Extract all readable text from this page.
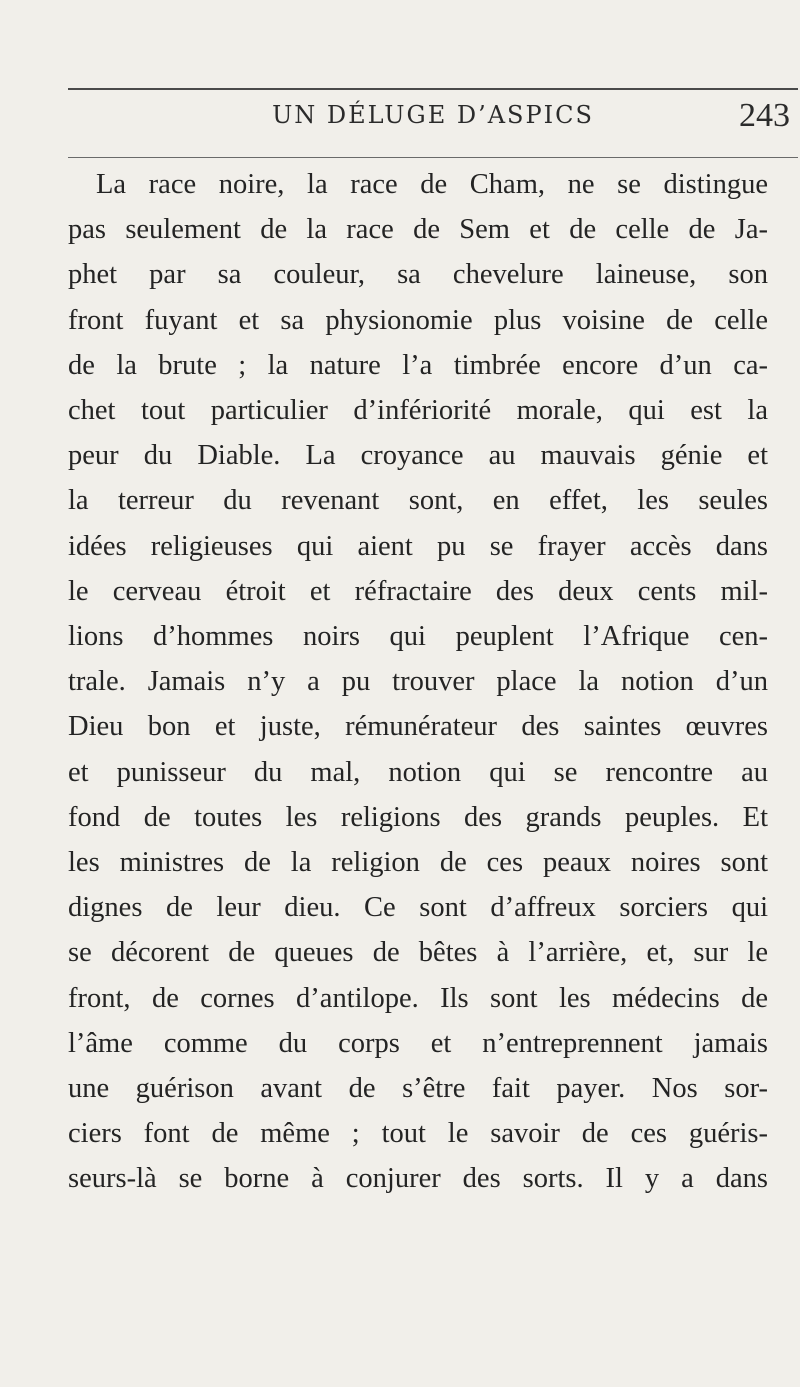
UN DÉLUGE D’ASPICS	243
La race noire, la race de Cham, ne se distingue
pas seulement de la race de Sem et de celle de Ja-
phet par sa couleur, sa chevelure laineuse, son
front fuyant et sa physionomie plus voisine de celle
de la brute ; la nature l’a timbrée encore d’un ca-
chet tout particulier d’infériorité morale, qui est la
peur du Diable. La croyance au mauvais génie et
la terreur du revenant sont, en effet, les seules
idées religieuses qui aient pu se frayer accès dans
le cerveau étroit et réfractaire des deux cents mil-
lions d’hommes noirs qui peuplent l’Afrique cen-
trale. Jamais n’y a pu trouver place la notion d’un
Dieu bon et juste, rémunérateur des saintes œuvres
et punisseur du mal, notion qui se rencontre au
fond de toutes les religions des grands peuples. Et
les ministres de la religion de ces peaux noires sont
dignes de leur dieu. Ce sont d’affreux sorciers qui
se décorent de queues de bêtes à l’arrière, et, sur le
front, de cornes d’antilope. Ils sont les médecins de
l’âme comme du corps et n’entreprennent jamais
une guérison avant de s’être fait payer. Nos sor-
ciers font de même ; tout le savoir de ces guéris-
seurs-là se borne à conjurer des sorts. Il y a dans
